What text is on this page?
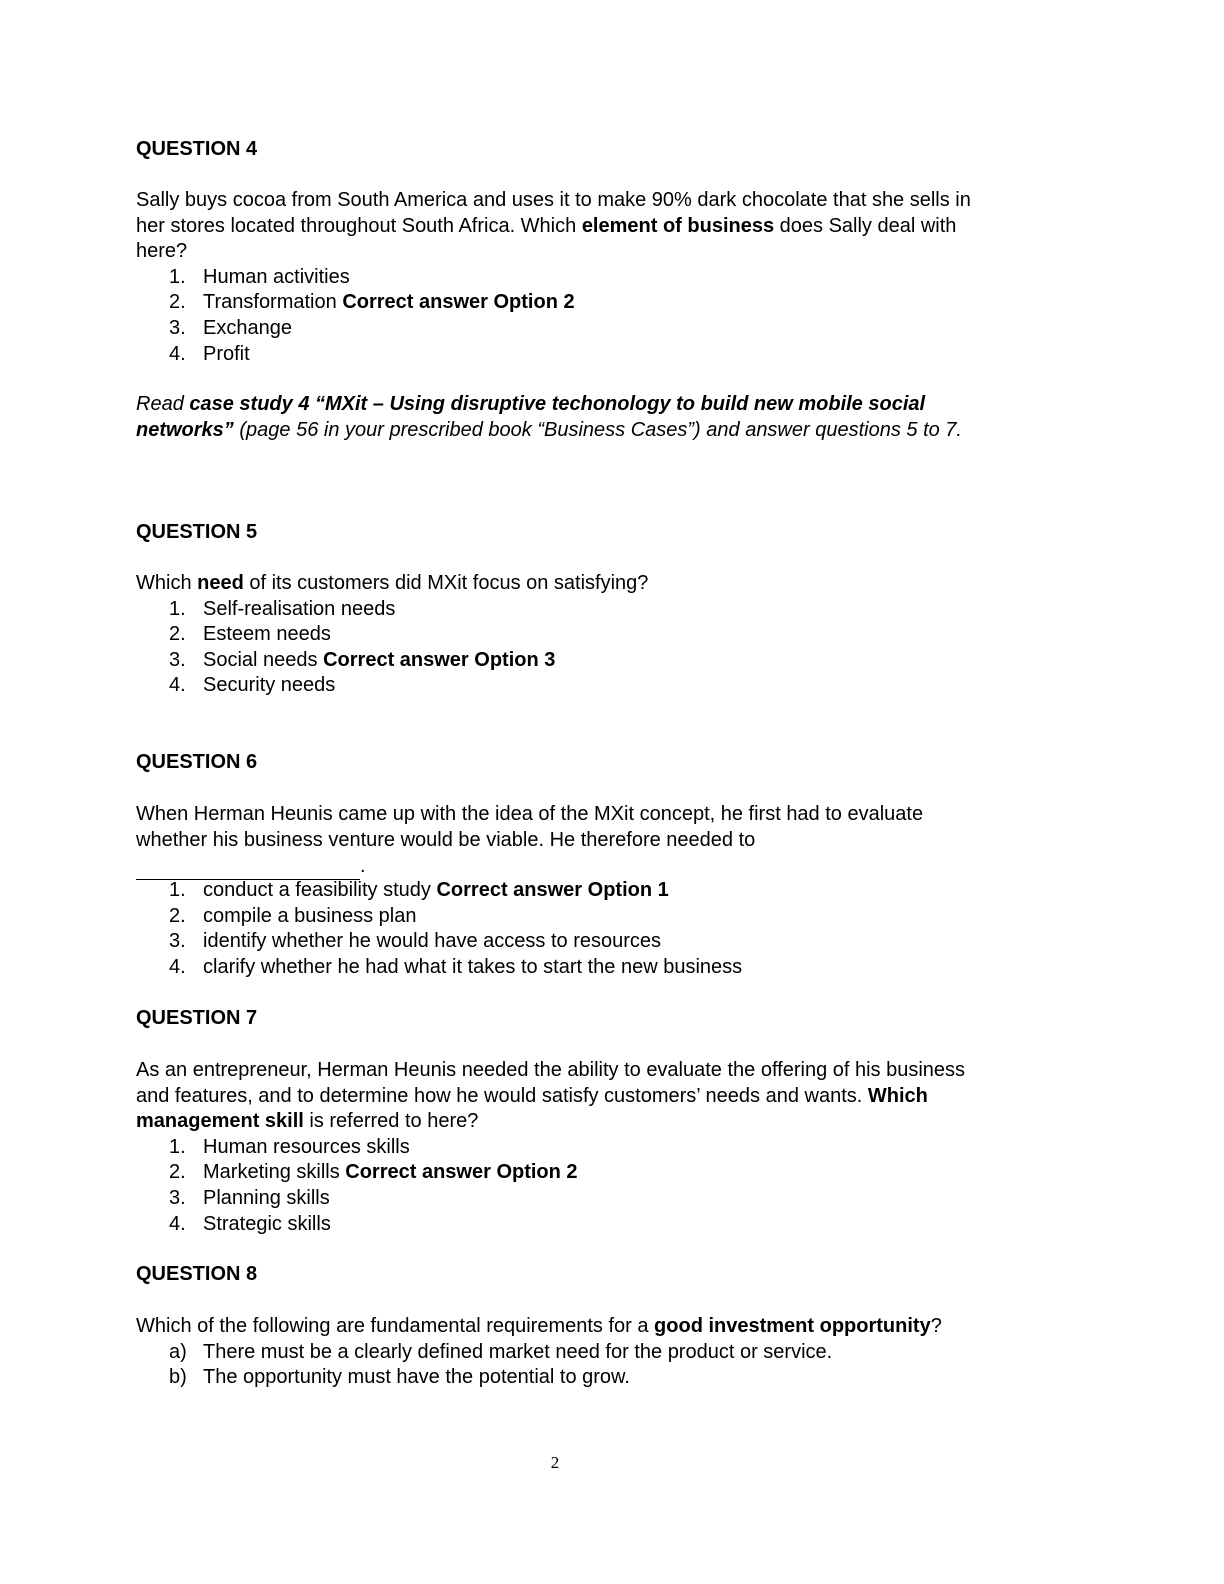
QUESTION 4

Sally buys cocoa from South America and uses it to make 90% dark chocolate that she sells in her stores located throughout South Africa. Which element of business does Sally deal with here?

1. Human activities
2. Transformation Correct answer Option 2
3. Exchange
4. Profit

Read case study 4 “MXit – Using disruptive techonology to build new mobile social networks” (page 56 in your prescribed book “Business Cases”) and answer questions 5 to 7.

QUESTION 5

Which need of its customers did MXit focus on satisfying?

1. Self-realisation needs
2. Esteem needs
3. Social needs Correct answer Option 3
4. Security needs

QUESTION 6

When Herman Heunis came up with the idea of the MXit concept, he first had to evaluate whether his business venture would be viable. He therefore needed to

.

1. conduct a feasibility study Correct answer Option 1
2. compile a business plan
3. identify whether he would have access to resources
4. clarify whether he had what it takes to start the new business

QUESTION 7

As an entrepreneur, Herman Heunis needed the ability to evaluate the offering of his business and features, and to determine how he would satisfy customers’ needs and wants. Which management skill is referred to here?

1. Human resources skills
2. Marketing skills Correct answer Option 2
3. Planning skills
4. Strategic skills

QUESTION 8

Which of the following are fundamental requirements for a good investment opportunity?

a) There must be a clearly defined market need for the product or service.
b) The opportunity must have the potential to grow.
2
